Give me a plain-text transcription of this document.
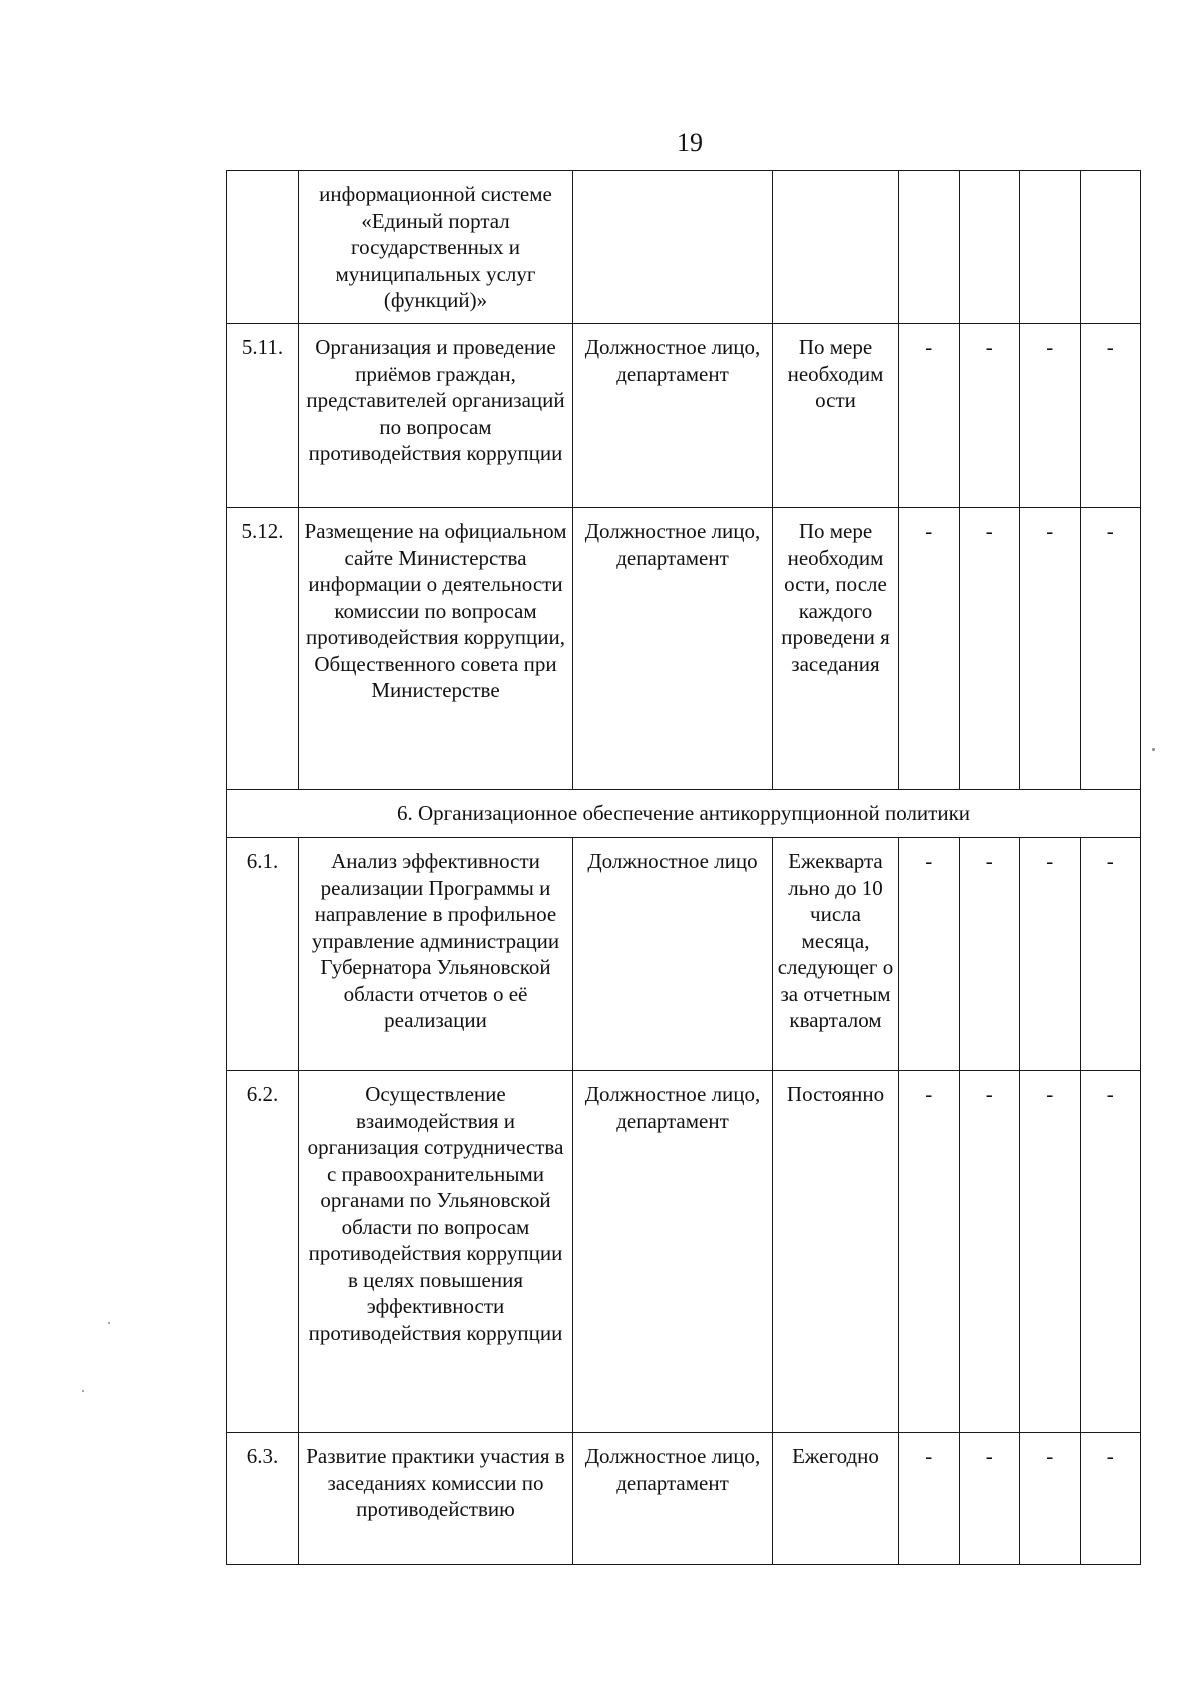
19
	информационной системе «Единый портал государственных и муниципальных услуг (функций)»						
5.11.	Организация и проведение приёмов граждан, представителей организаций по вопросам противодействия коррупции	Должностное лицо, департамент	По мере необходим ости	-	-	-	-
5.12.	Размещение на официальном сайте Министерства информации о деятельности комиссии по вопросам противодействия коррупции, Общественного совета при Министерстве	Должностное лицо, департамент	По мере необходим ости, после каждого проведени я заседания	-	-	-	-
6. Организационное обеспечение антикоррупционной политики							
6.1.	Анализ эффективности реализации Программы и направление в профильное управление администрации Губернатора Ульяновской области отчетов о её реализации	Должностное лицо	Ежекварта льно до 10 числа месяца, следующег о за отчетным кварталом	-	-	-	-
6.2.	Осуществление взаимодействия и организация сотрудничества с правоохранительными органами по Ульяновской области по вопросам противодействия коррупции в целях повышения эффективности противодействия коррупции	Должностное лицо, департамент	Постоянно	-	-	-	-
6.3.	Развитие практики участия в заседаниях комиссии по противодействию	Должностное лицо, департамент	Ежегодно	-	-	-	-
